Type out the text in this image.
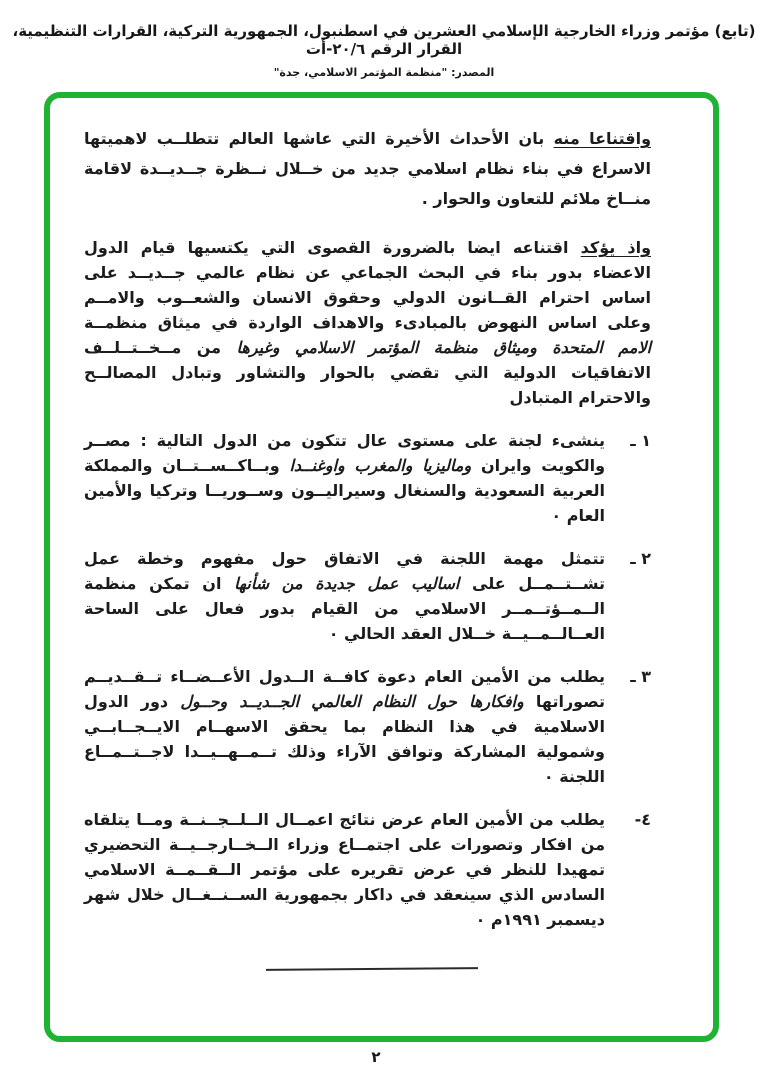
(تابع) مؤتمر وزراء الخارجية الإسلامي العشرين في اسطنبول، الجمهورية التركية، القرارات التنظيمية، القرار الرقم ٢٠/٦-أت
المصدر: "منظمة المؤتمر الاسلامي، جدة"

واقتناعا منه بان الأحداث الأخيرة التي عاشها العالم تتطلــب لاهميتها الاسراع في بناء نظام اسلامي جديد من خــلال نــظرة جــديــدة لاقامة منــاخ ملائم للتعاون والحوار .

واذ يؤكد اقتناعه ايضا بالضرورة القصوى التي يكتسيها قيام الدول الاعضاء بدور بناء في البحث الجماعي عن نظام عالمي جــديــد على اساس احترام القــانون الدولي وحقوق الانسان والشعــوب والامــم وعلى اساس النهوض بالمبادىء والاهداف الواردة في ميثاق منظمــة الامم المتحدة وميثاق منظمة المؤتمر الاسلامي وغيرها من مــخــتــلــف الاتفاقيات الدولية التي تقضي بالحوار والتشاور وتبادل المصالــح والاحترام المتبادل

١ ـ
ينشىء لجنة على مستوى عال تتكون من الدول التالية : مصــر والكويت وايران وماليزيا والمغرب واوغنــدا وبــاكــســتــان والمملكة العربية السعودية والسنغال وسيراليــون وســوريــا وتركيا والأمين العام ٠
٢ ـ
تتمثل مهمة اللجنة في الاتفاق حول مفهوم وخطة عمل تشــتــمــل على اساليب عمل جديدة من شأنها ان تمكن منظمة الــمــؤتــمــر الاسلامي من القيام بدور فعال على الساحة العــالــمــيــة خــلال العقد الحالي ٠
٣ ـ
يطلب من الأمين العام دعوة كافــة الــدول الأعــضــاء تــقــديــم تصوراتها وافكارها حول النظام العالمي الجــديــد وحــول دور الدول الاسلامية في هذا النظام بما يحقق الاسهــام الايــجــابــي وشمولية المشاركة وتوافق الآراء وذلك تــمــهــيــدا لاجــتــمــاع اللجنة ٠
٤-
يطلب من الأمين العام عرض نتائج اعمــال الــلــجــنــة ومــا يتلقاه من افكار وتصورات على اجتمــاع وزراء الــخــارجــيــة التحضيري تمهيدا للنظر في عرض تقريره على مؤتمر الــقــمــة الاسلامي السادس الذي سينعقد في داكار بجمهورية الســنــغــال خلال شهر ديسمبر ١٩٩١م ٠
٢
